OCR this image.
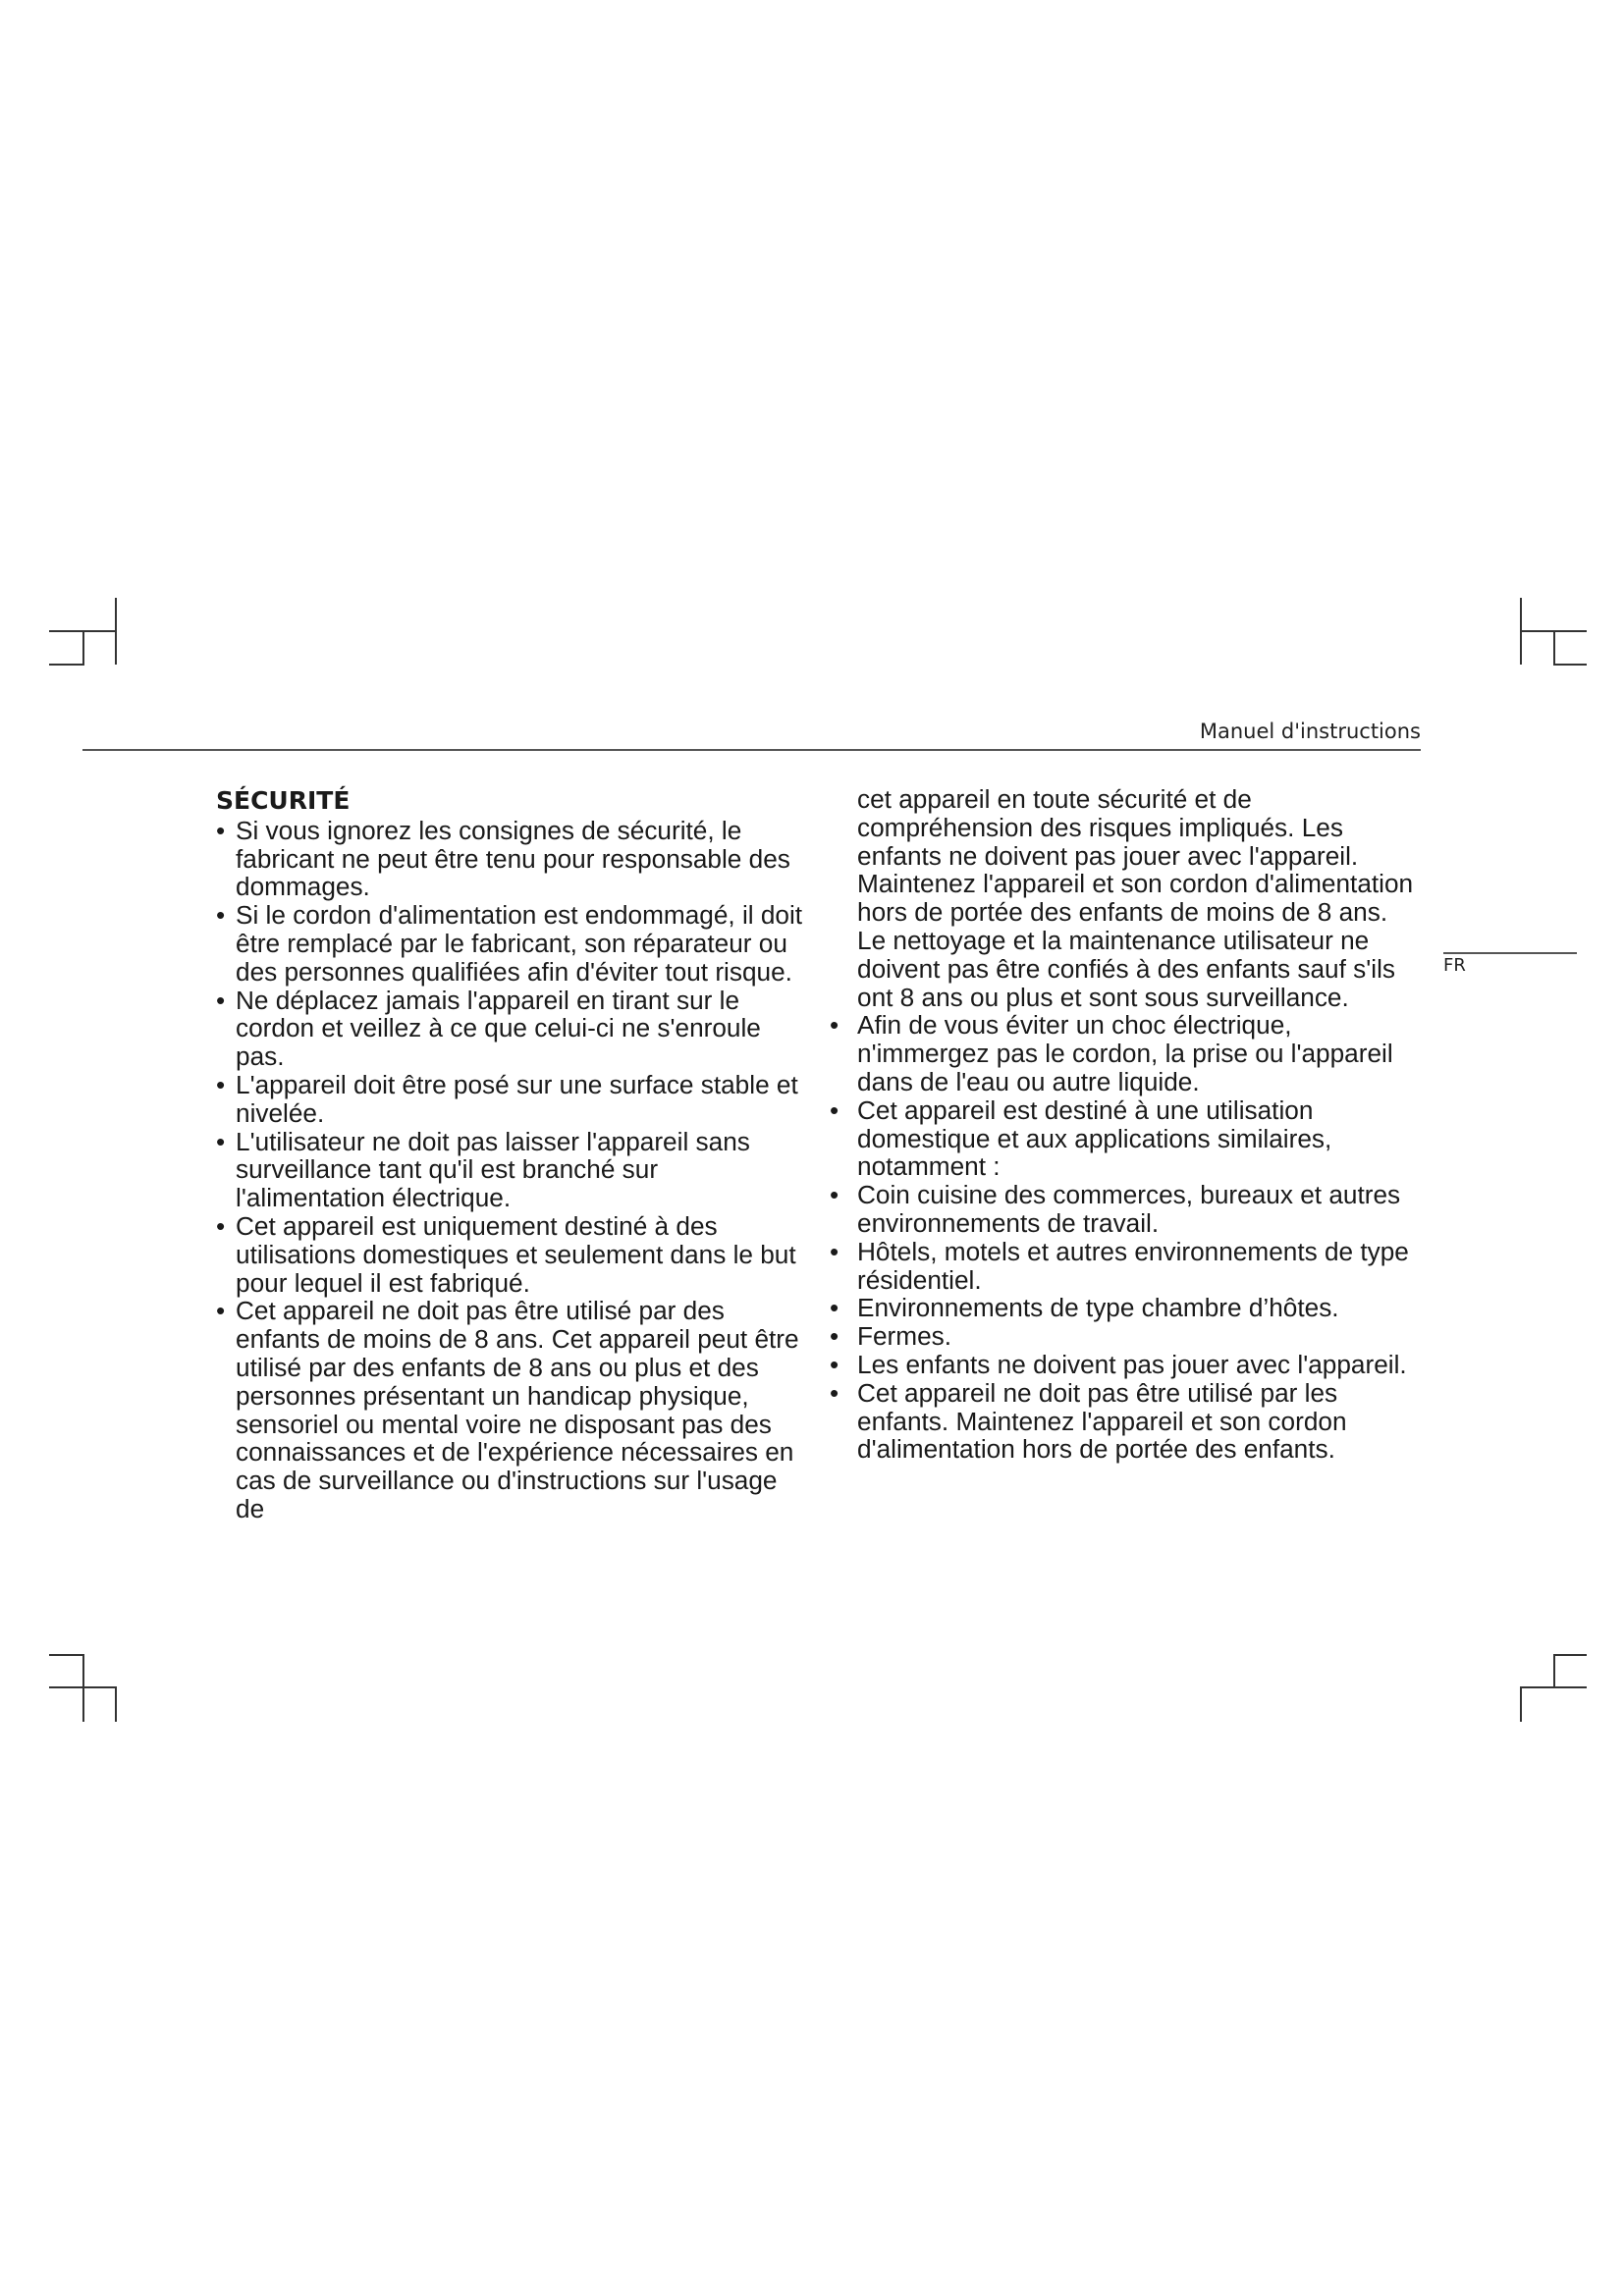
Manuel d'instructions
FR
SÉCURITÉ
• Si vous ignorez les consignes de sécurité, le fabricant ne peut être tenu pour responsable des dommages.
• Si le cordon d'alimentation est endommagé, il doit être remplacé par le fabricant, son réparateur ou des personnes qualifiées afin d'éviter tout risque.
• Ne déplacez jamais l'appareil en tirant sur le cordon et veillez à ce que celui-ci ne s'enroule pas.
• L'appareil doit être posé sur une surface stable et nivelée.
• L'utilisateur ne doit pas laisser l'appareil sans surveillance tant qu'il est branché sur l'alimentation électrique.
• Cet appareil est uniquement destiné à des utilisations domestiques et seulement dans le but pour lequel il est fabriqué.
• Cet appareil ne doit pas être utilisé par des enfants de moins de 8 ans. Cet appareil peut être utilisé par des enfants de 8 ans ou plus et des personnes présentant un handicap physique, sensoriel ou mental voire ne disposant pas des connaissances et de l'expérience nécessaires en cas de surveillance ou d'instructions sur l'usage de

cet appareil en toute sécurité et de compréhension des risques impliqués. Les enfants ne doivent pas jouer avec l'appareil. Maintenez l'appareil et son cordon d'alimentation hors de portée des enfants de moins de 8 ans. Le nettoyage et la maintenance utilisateur ne doivent pas être confiés à des enfants sauf s'ils ont 8 ans ou plus et sont sous surveillance.

• Afin de vous éviter un choc électrique, n'immergez pas le cordon, la prise ou l'appareil dans de l'eau ou autre liquide.
• Cet appareil est destiné à une utilisation domestique et aux applications similaires, notamment :
• Coin cuisine des commerces, bureaux et autres environnements de travail.
• Hôtels, motels et autres environnements de type résidentiel.
• Environnements de type chambre d’hôtes.
• Fermes.
• Les enfants ne doivent pas jouer avec l'appareil.
• Cet appareil ne doit pas être utilisé par les enfants. Maintenez l'appareil et son cordon d'alimentation hors de portée des enfants.
